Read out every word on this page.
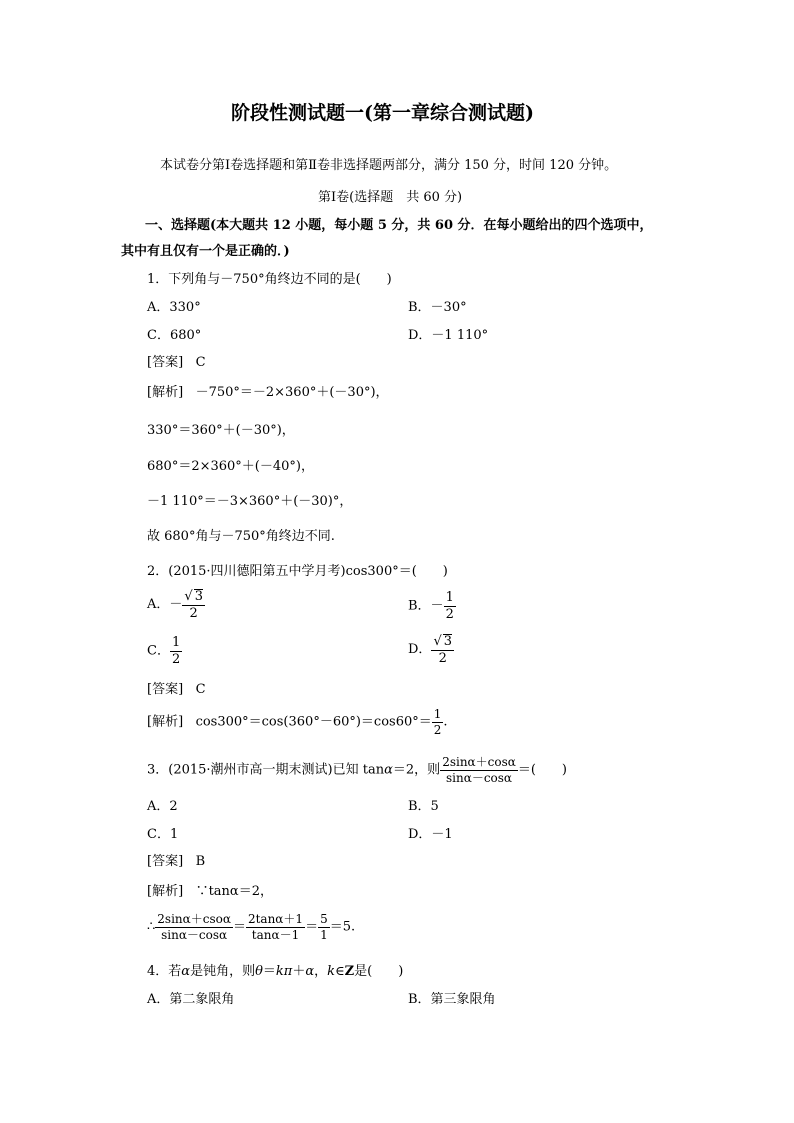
阶段性测试题一(第一章综合测试题)
本试卷分第Ⅰ卷选择题和第Ⅱ卷非选择题两部分，满分 150 分，时间 120 分钟。
第Ⅰ卷(选择题　共 60 分)
一、选择题(本大题共 12 小题，每小题 5 分，共 60 分．在每小题给出的四个选项中，
其中有且仅有一个是正确的．)
1．下列角与－750°角终边不同的是(　　)
A．330°	B．－30°
C．680°	D．－1 110°
[答案] C
[解析] －750°＝－2×360°＋(－30°)，
330°＝360°＋(－30°)，
680°＝2×360°＋(－40°)，
－1 110°＝－3×360°＋(－30)°，
故 680°角与－750°角终边不同.
2．(2015·四川德阳第五中学月考)cos300°＝(　　)
A．－ $\frac{√ 3}{2}$	B．－ $\frac{1}{2}$
C． $\frac{1}{2}$	D． $\frac{√ 3}{2}$
[答案] C
[解析] $\cos 300^\circ=\cos(360^\circ-60^\circ)=\cos 60^\circ= \frac{1}{2}$ .
3．(2015·潮州市高一期末测试)已知 tanα＝2，则 $\frac{2\sin\alpha+\cos\alpha}{\sin\alpha-\cos\alpha}$ ＝(　　)
A．2	B．5
C．1	D．－1
[答案] B
[解析] ∵tanα＝2，
∴ $\frac{\text{2sinα＋csoα}}{\sin\alpha-\cos\alpha} = \frac{2\tan\alpha+1}{\tan\alpha-1} = \frac{5}{1} =5$.
4．若α是钝角，则θ＝kπ＋α，k∈Z是(　　)
A．第二象限角	B．第三象限角
